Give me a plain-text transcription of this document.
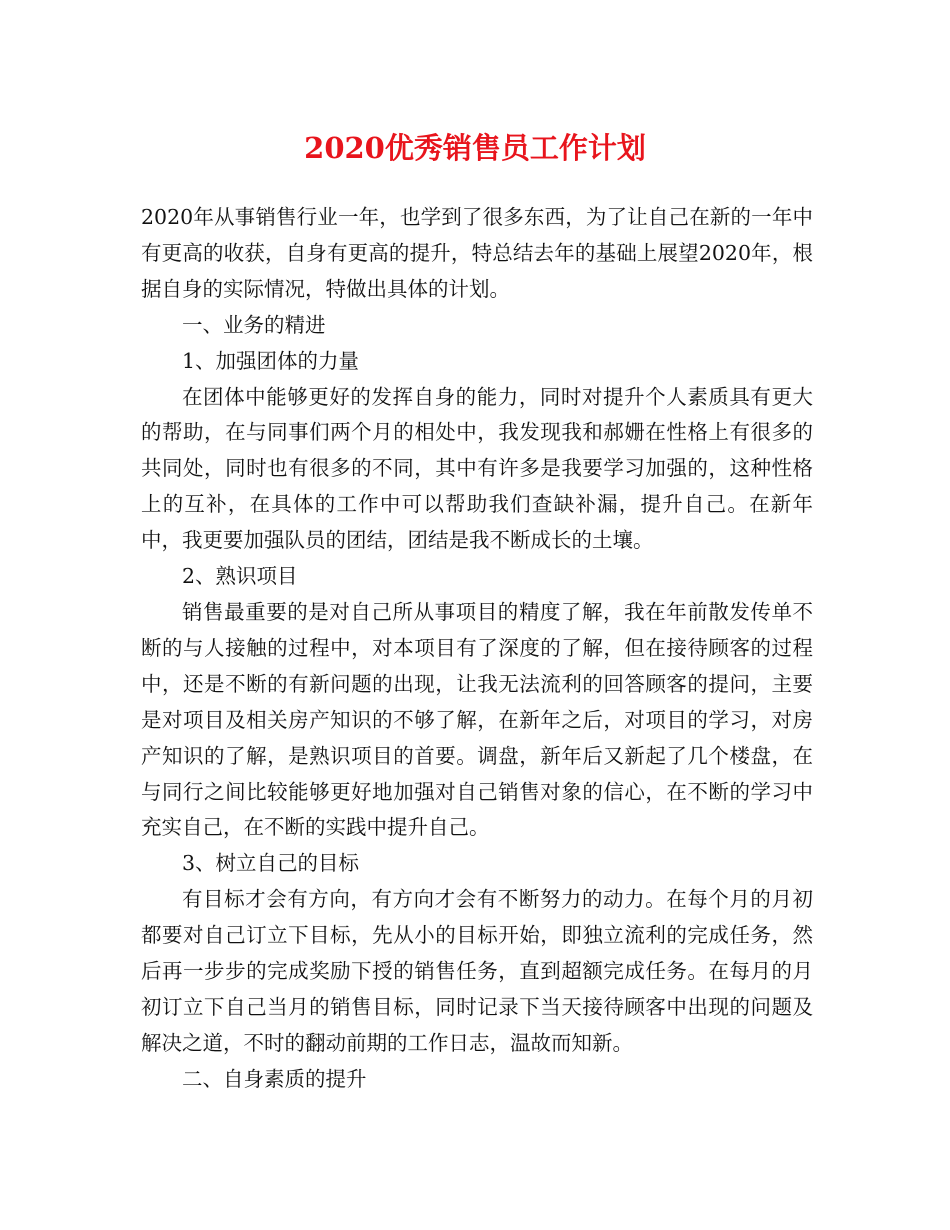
2020优秀销售员工作计划

2020年从事销售行业一年，也学到了很多东西，为了让自己在新的一年中有更高的收获，自身有更高的提升，特总结去年的基础上展望2020年，根据自身的实际情况，特做出具体的计划。

一、业务的精进

1、加强团体的力量

在团体中能够更好的发挥自身的能力，同时对提升个人素质具有更大的帮助，在与同事们两个月的相处中，我发现我和郝姗在性格上有很多的共同处，同时也有很多的不同，其中有许多是我要学习加强的，这种性格上的互补，在具体的工作中可以帮助我们查缺补漏，提升自己。在新年中，我更要加强队员的团结，团结是我不断成长的土壤。

2、熟识项目

销售最重要的是对自己所从事项目的精度了解，我在年前散发传单不断的与人接触的过程中，对本项目有了深度的了解，但在接待顾客的过程中，还是不断的有新问题的出现，让我无法流利的回答顾客的提问，主要是对项目及相关房产知识的不够了解，在新年之后，对项目的学习，对房产知识的了解，是熟识项目的首要。调盘，新年后又新起了几个楼盘，在与同行之间比较能够更好地加强对自己销售对象的信心，在不断的学习中充实自己，在不断的实践中提升自己。

3、树立自己的目标

有目标才会有方向，有方向才会有不断努力的动力。在每个月的月初都要对自己订立下目标，先从小的目标开始，即独立流利的完成任务，然后再一步步的完成奖励下授的销售任务，直到超额完成任务。在每月的月初订立下自己当月的销售目标，同时记录下当天接待顾客中出现的问题及解决之道，不时的翻动前期的工作日志，温故而知新。

二、自身素质的提升
